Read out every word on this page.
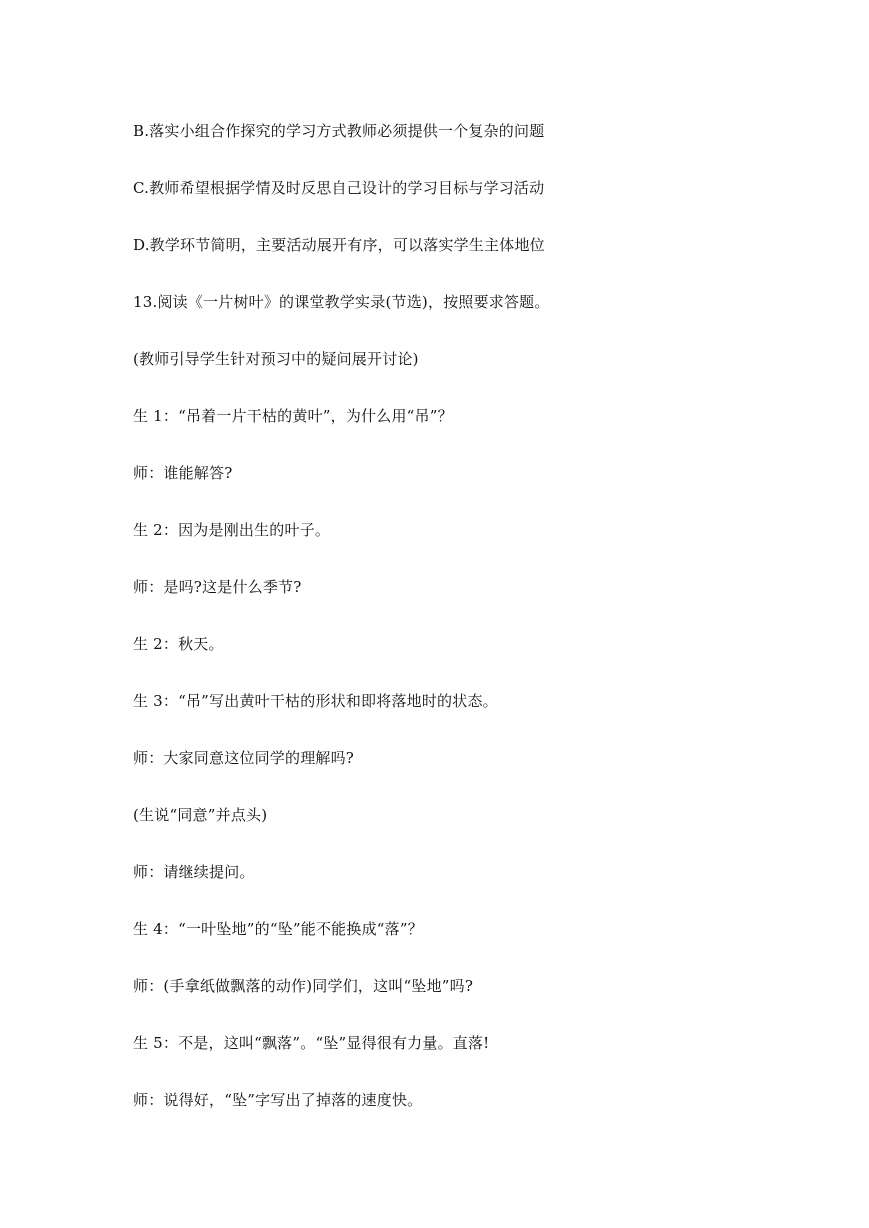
B.落实小组合作探究的学习方式教师必须提供一个复杂的问题

C.教师希望根据学情及时反思自己设计的学习目标与学习活动

D.教学环节简明，主要活动展开有序，可以落实学生主体地位

13.阅读《一片树叶》的课堂教学实录(节选)，按照要求答题。

(教师引导学生针对预习中的疑问展开讨论)

生 1：“吊着一片干枯的黄叶”，为什么用“吊”？

师：谁能解答?

生 2：因为是刚出生的叶子。

师：是吗?这是什么季节?

生 2：秋天。

生 3：“吊”写出黄叶干枯的形状和即将落地时的状态。

师：大家同意这位同学的理解吗?

(生说“同意”并点头)

师：请继续提问。

生 4：“一叶坠地”的“坠”能不能换成“落”？

师：(手拿纸做飘落的动作)同学们，这叫“坠地”吗?

生 5：不是，这叫“飘落”。“坠”显得很有力量。直落!

师：说得好，“坠”字写出了掉落的速度快。
